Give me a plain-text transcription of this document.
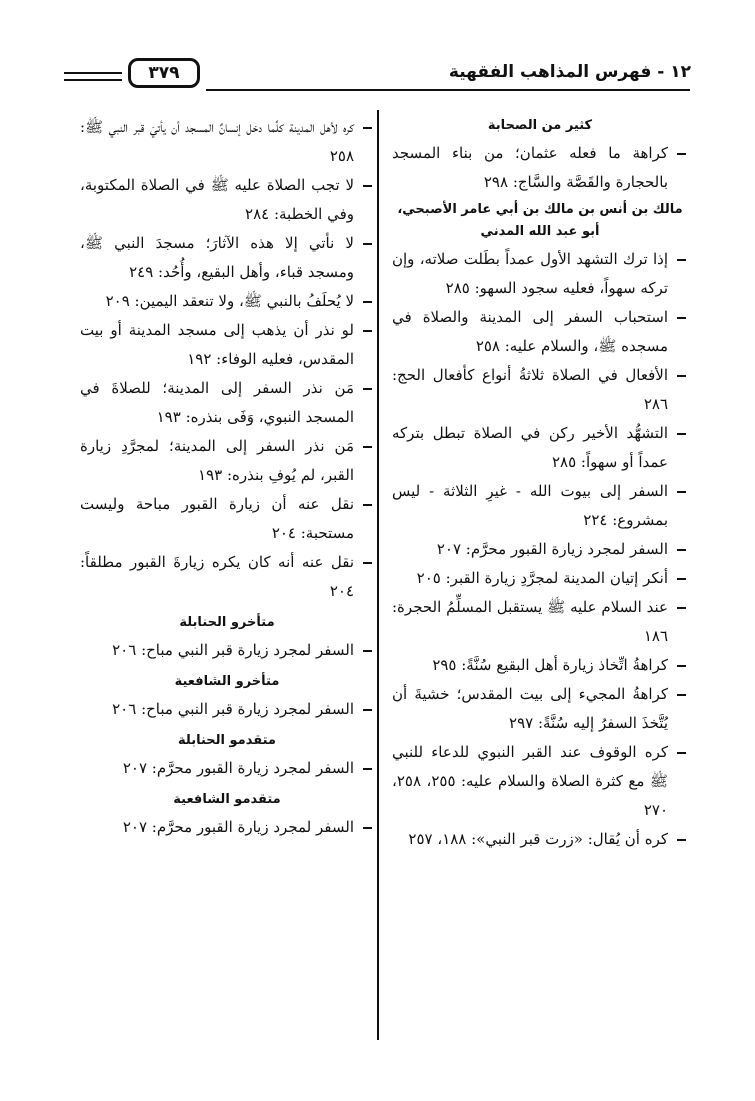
١٢ - فهرس المذاهب الفقهية
٣٧٩
كثير من الصحابة
كراهة ما فعله عثمان؛ من بناء المسجد بالحجارة والقَصَّة والسَّاج: ٢٩٨
مالك بن أنس بن مالك بن أبي عامر الأصبحي، أبو عبد الله المدني
إذا ترك التشهد الأول عمداً بطَلت صلاته، وإن تركه سهواً، فعليه سجود السهو: ٢٨٥
استحباب السفر إلى المدينة والصلاة في مسجده ﷺ، والسلام عليه: ٢٥٨
الأفعال في الصلاة ثلاثةُ أنواع كأفعال الحج: ٢٨٦
التشهُّد الأخير ركن في الصلاة تبطل بتركه عمداً أو سهواً: ٢٨٥
السفر إلى بيوت الله - غيرِ الثلاثة - ليس بمشروع: ٢٢٤
السفر لمجرد زيارة القبور محرَّم: ٢٠٧
أنكر إتيان المدينة لمجرَّدِ زيارة القبر: ٢٠٥
عند السلام عليه ﷺ يستقبل المسلِّمُ الحجرة: ١٨٦
كراهةُ اتِّخاذ زيارة أهل البقيع سُنَّةً: ٢٩٥
كراهةُ المجيء إلى بيت المقدس؛ خشيةَ أن يُتَّخذَ السفرُ إليه سُنَّةً: ٢٩٧
كره الوقوف عند القبر النبوي للدعاء للنبي ﷺ مع كثرة الصلاة والسلام عليه: ٢٥٥، ٢٥٨، ٢٧٠
كره أن يُقال: «زرت قبر النبي»: ١٨٨، ٢٥٧
كره لأهل المدينة كلَّما دخل إنسانٌ المسجد أن يأتيَ قبر النبي ﷺ: ٢٥٨
لا تجب الصلاة عليه ﷺ في الصلاة المكتوبة، وفي الخطبة: ٢٨٤
لا نأتي إلا هذه الآثارَ؛ مسجدَ النبي ﷺ، ومسجد قباء، وأهل البقيع، وأُحُد: ٢٤٩
لا يُحلَفُ بالنبي ﷺ، ولا تنعقد اليمين: ٢٠٩
لو نذر أن يذهب إلى مسجد المدينة أو بيت المقدس، فعليه الوفاء: ١٩٢
مَن نذر السفر إلى المدينة؛ للصلاةَ في المسجد النبوي، وَفَى بنذره: ١٩٣
مَن نذر السفر إلى المدينة؛ لمجرَّدِ زيارة القبر، لم يُوفِ بنذره: ١٩٣
نقل عنه أن زيارة القبور مباحة وليست مستحبة: ٢٠٤
نقل عنه أنه كان يكره زيارةَ القبور مطلقاً: ٢٠٤
متأخرو الحنابلة
السفر لمجرد زيارة قبر النبي مباح: ٢٠٦
متأخرو الشافعية
السفر لمجرد زيارة قبر النبي مباح: ٢٠٦
متقدمو الحنابلة
السفر لمجرد زيارة القبور محرَّم: ٢٠٧
متقدمو الشافعية
السفر لمجرد زيارة القبور محرَّم: ٢٠٧
